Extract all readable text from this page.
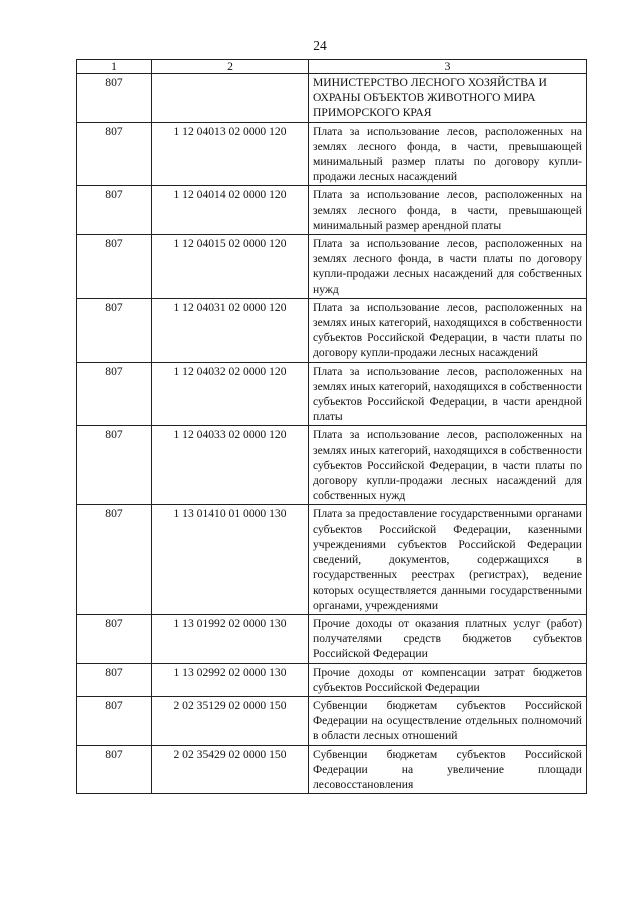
24
1	2	3
807		МИНИСТЕРСТВО ЛЕСНОГО ХОЗЯЙСТВА И ОХРАНЫ ОБЪЕКТОВ ЖИВОТНОГО МИРА ПРИМОРСКОГО КРАЯ
807	1 12 04013 02 0000 120	Плата за использование лесов, расположенных на землях лесного фонда, в части, превышающей минимальный размер платы по договору купли-продажи лесных насаждений
807	1 12 04014 02 0000 120	Плата за использование лесов, расположенных на землях лесного фонда, в части, превышающей минимальный размер арендной платы
807	1 12 04015 02 0000 120	Плата за использование лесов, расположенных на землях лесного фонда, в части платы по договору купли-продажи лесных насаждений для собственных нужд
807	1 12 04031 02 0000 120	Плата за использование лесов, расположенных на землях иных категорий, находящихся в собственности субъектов Российской Федерации, в части платы по договору купли-продажи лесных насаждений
807	1 12 04032 02 0000 120	Плата за использование лесов, расположенных на землях иных категорий, находящихся в собственности субъектов Российской Федерации, в части арендной платы
807	1 12 04033 02 0000 120	Плата за использование лесов, расположенных на землях иных категорий, находящихся в собственности субъектов Российской Федерации, в части платы по договору купли-продажи лесных насаждений для собственных нужд
807	1 13 01410 01 0000 130	Плата за предоставление государственными органами субъектов Российской Федерации, казенными учреждениями субъектов Российской Федерации сведений, документов, содержащихся в государственных реестрах (регистрах), ведение которых осуществляется данными государственными органами, учреждениями
807	1 13 01992 02 0000 130	Прочие доходы от оказания платных услуг (работ) получателями средств бюджетов субъектов Российской Федерации
807	1 13 02992 02 0000 130	Прочие доходы от компенсации затрат бюджетов субъектов Российской Федерации
807	2 02 35129 02 0000 150	Субвенции бюджетам субъектов Российской Федерации на осуществление отдельных полномочий в области лесных отношений
807	2 02 35429 02 0000 150	Субвенции бюджетам субъектов Российской Федерации на увеличение площади лесовосстановления
